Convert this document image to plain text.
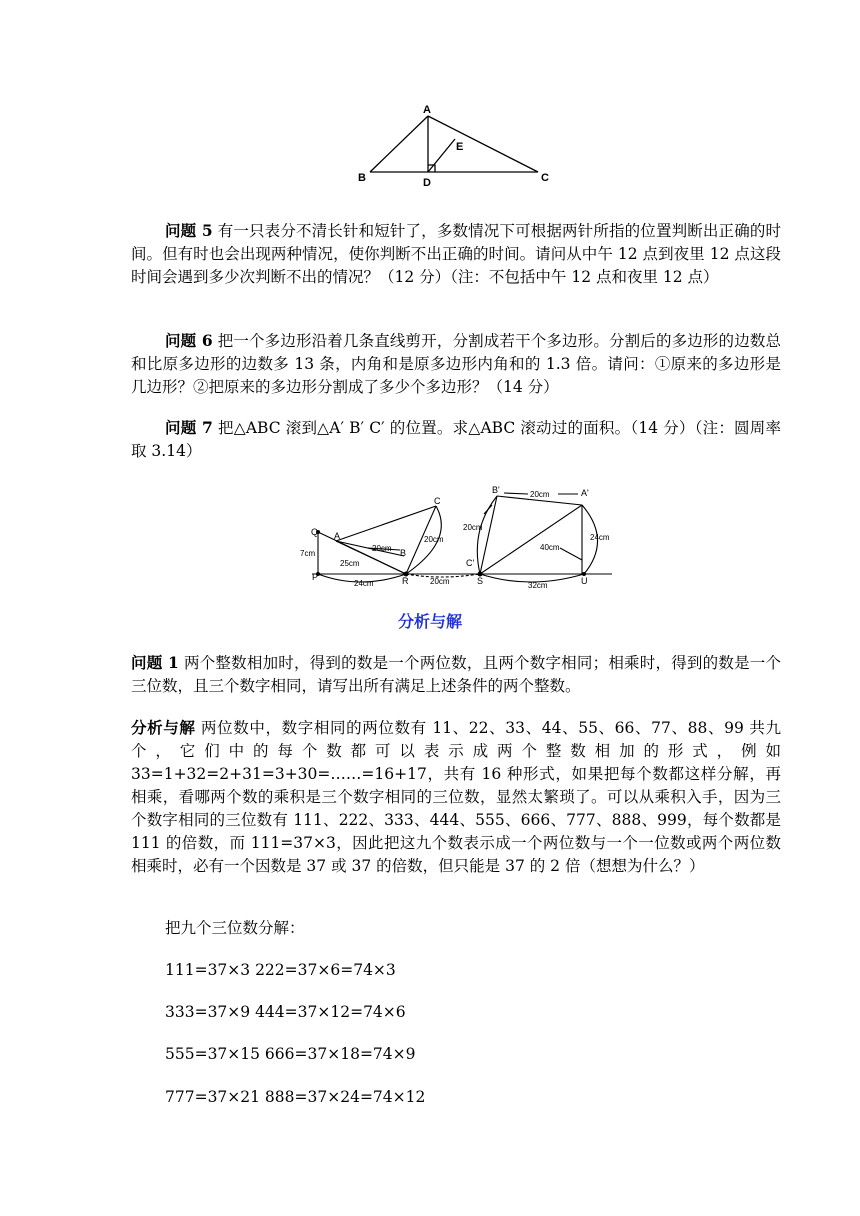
A
B	C
D
E

问题 5 有一只表分不清长针和短针了，多数情况下可根据两针所指的位置判断出正确的时间。但有时也会出现两种情况，使你判断不出正确的时间。请问从中午 12 点到夜里 12 点这段时间会遇到多少次判断不出的情况？（12 分）（注：不包括中午 12 点和夜里 12 点）

问题 6 把一个多边形沿着几条直线剪开，分割成若干个多边形。分割后的多边形的边数总和比原多边形的边数多 13 条，内角和是原多边形内角和的 1.3 倍。请问：①原来的多边形是几边形？②把原来的多边形分割成了多少个多边形？（14 分）

问题 7 把△ABC 滚到△A′ B′ C′ 的位置。求△ABC 滚动过的面积。（14 分）（注：圆周率取 3.14）

Q A
B
C
P	R
B'	A'
C'
S	U
7cm
25cm
20cm
20cm
24cm	20cm
20cm
20cm
40cm
24cm
32cm
分析与解

问题 1 两个整数相加时，得到的数是一个两位数，且两个数字相同；相乘时，得到的数是一个三位数，且三个数字相同，请写出所有满足上述条件的两个整数。

分析与解 两位数中，数字相同的两位数有 11、22、33、44、55、66、77、88、99 共九个，它们中的每个数都可以表示成两个整数相加的形式，例如 33=1+32=2+31=3+30=……=16+17，共有 16 种形式，如果把每个数都这样分解，再相乘，看哪两个数的乘积是三个数字相同的三位数，显然太繁琐了。可以从乘积入手，因为三个数字相同的三位数有 111、222、333、444、555、666、777、888、999，每个数都是 111 的倍数，而 111=37×3，因此把这九个数表示成一个两位数与一个一位数或两个两位数相乘时，必有一个因数是 37 或 37 的倍数，但只能是 37 的 2 倍（想想为什么？）

把九个三位数分解：

111=37×3 222=37×6=74×3

333=37×9 444=37×12=74×6

555=37×15 666=37×18=74×9

777=37×21 888=37×24=74×12
